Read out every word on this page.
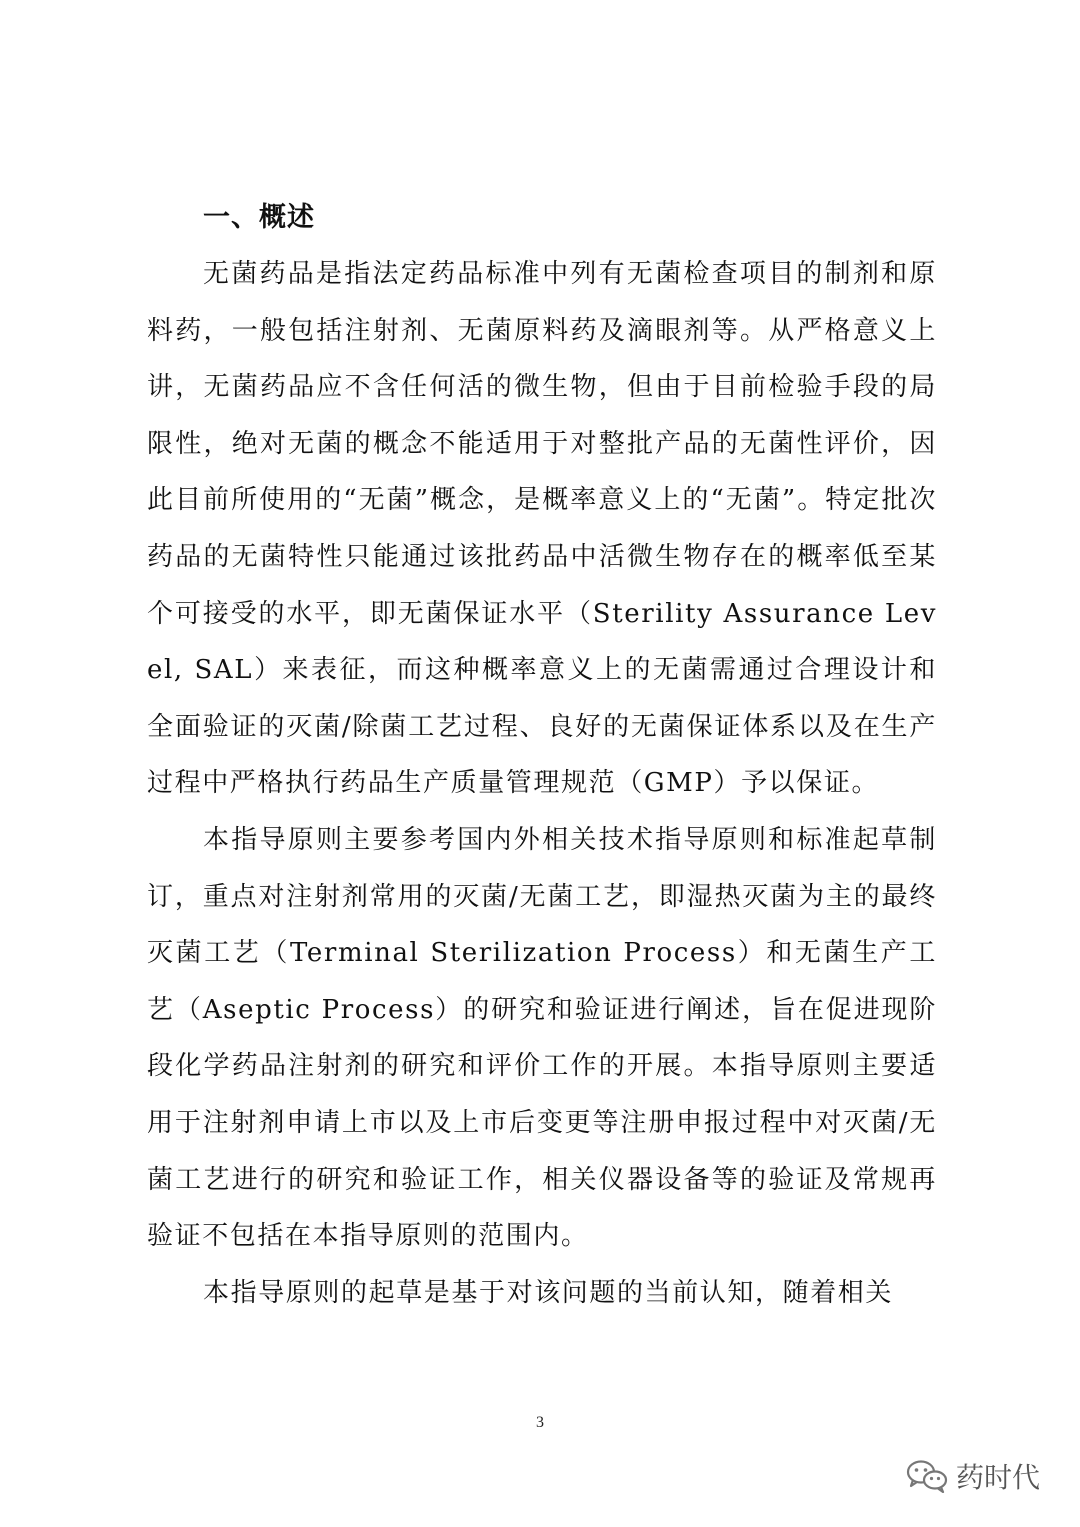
一、概述

无菌药品是指法定药品标准中列有无菌检查项目的制剂和原料药，一般包括注射剂、无菌原料药及滴眼剂等。从严格意义上讲，无菌药品应不含任何活的微生物，但由于目前检验手段的局限性，绝对无菌的概念不能适用于对整批产品的无菌性评价，因此目前所使用的“无菌”概念，是概率意义上的“无菌”。特定批次药品的无菌特性只能通过该批药品中活微生物存在的概率低至某个可接受的水平，即无菌保证水平（Sterility Assurance Level, SAL）来表征，而这种概率意义上的无菌需通过合理设计和全面验证的灭菌/除菌工艺过程、良好的无菌保证体系以及在生产过程中严格执行药品生产质量管理规范（GMP）予以保证。

本指导原则主要参考国内外相关技术指导原则和标准起草制订，重点对注射剂常用的灭菌/无菌工艺，即湿热灭菌为主的最终灭菌工艺（Terminal Sterilization Process）和无菌生产工艺（Aseptic Process）的研究和验证进行阐述，旨在促进现阶段化学药品注射剂的研究和评价工作的开展。本指导原则主要适用于注射剂申请上市以及上市后变更等注册申报过程中对灭菌/无菌工艺进行的研究和验证工作，相关仪器设备等的验证及常规再验证不包括在本指导原则的范围内。

本指导原则的起草是基于对该问题的当前认知，随着相关

3
药时代
